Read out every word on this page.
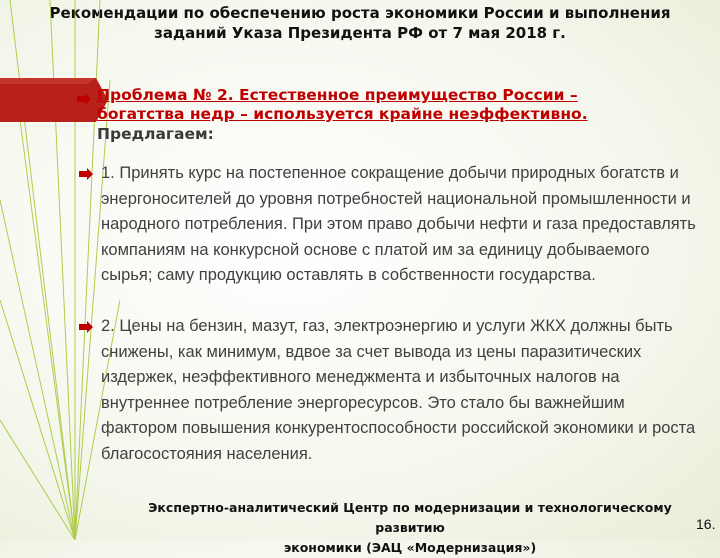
Рекомендации по обеспечению роста экономики России и выполнения
заданий Указа Президента РФ от 7 мая 2018 г.
Проблема № 2. Естественное преимущество России –
богатства недр – используется крайне неэффективно.
Предлагаем:
1. Принять курс на постепенное сокращение добычи природных богатств и энергоносителей до уровня потребностей национальной промышленности и народного потребления. При этом право добычи нефти и газа предоставлять компаниям на конкурсной основе с платой им за единицу добываемого сырья; саму продукцию оставлять в собственности государства.
2. Цены на бензин, мазут, газ, электроэнергию и услуги ЖКХ должны быть снижены, как минимум, вдвое за счет вывода из цены паразитических издержек, неэффективного менеджмента и избыточных налогов на внутреннее потребление энергоресурсов. Это стало бы важнейшим фактором повышения конкурентоспособности российской экономики и роста благосостояния населения.
Экспертно-аналитический Центр по модернизации и технологическому развитию
экономики (ЭАЦ «Модернизация»)
16.
